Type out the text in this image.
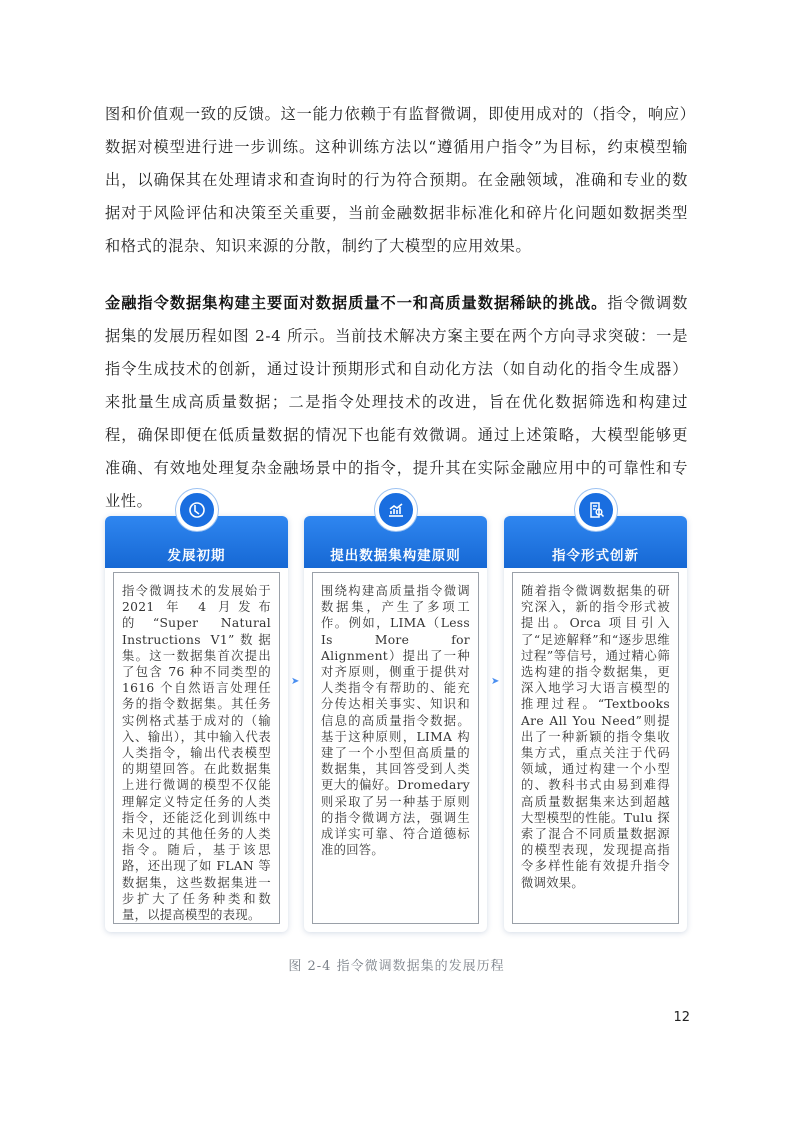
图和价值观一致的反馈。这一能力依赖于有监督微调，即使用成对的（指令，响应）数据对模型进行进一步训练。这种训练方法以“遵循用户指令”为目标，约束模型输出，以确保其在处理请求和查询时的行为符合预期。在金融领域，准确和专业的数据对于风险评估和决策至关重要，当前金融数据非标准化和碎片化问题如数据类型和格式的混杂、知识来源的分散，制约了大模型的应用效果。

金融指令数据集构建主要面对数据质量不一和高质量数据稀缺的挑战。指令微调数据集的发展历程如图 2-4 所示。当前技术解决方案主要在两个方向寻求突破：一是指令生成技术的创新，通过设计预期形式和自动化方法（如自动化的指令生成器）来批量生成高质量数据；二是指令处理技术的改进，旨在优化数据筛选和构建过程，确保即便在低质量数据的情况下也能有效微调。通过上述策略，大模型能够更准确、有效地处理复杂金融场景中的指令，提升其在实际金融应用中的可靠性和专业性。

发展初期
指令微调技术的发展始于2021 年 4 月发布的“Super Natural Instructions V1”数据集。这一数据集首次提出了包含 76 种不同类型的1616 个自然语言处理任务的指令数据集。其任务实例格式基于成对的（输入、输出），其中输入代表人类指令，输出代表模型的期望回答。在此数据集上进行微调的模型不仅能理解定义特定任务的人类指令，还能泛化到训练中未见过的其他任务的人类指令。随后，基于该思路，还出现了如 FLAN 等数据集，这些数据集进一步扩大了任务种类和数量，以提高模型的表现。
➤
提出数据集构建原则
围绕构建高质量指令微调数据集，产生了多项工作。例如，LIMA（Less Is More for Alignment）提出了一种对齐原则，侧重于提供对人类指令有帮助的、能充分传达相关事实、知识和信息的高质量指令数据。基于这种原则，LIMA 构建了一个小型但高质量的数据集，其回答受到人类更大的偏好。Dromedary 则采取了另一种基于原则的指令微调方法，强调生成详实可靠、符合道德标准的回答。
➤
指令形式创新
随着指令微调数据集的研究深入，新的指令形式被提出。Orca 项目引入了“足迹解释”和“逐步思维过程”等信号，通过精心筛选构建的指令数据集，更深入地学习大语言模型的推理过程。“Textbooks Are All You Need”则提出了一种新颖的指令集收集方式，重点关注于代码领域，通过构建一个小型的、教科书式由易到难得高质量数据集来达到超越大型模型的性能。Tulu 探索了混合不同质量数据源的模型表现，发现提高指令多样性能有效提升指令微调效果。
图 2-4 指令微调数据集的发展历程
12
